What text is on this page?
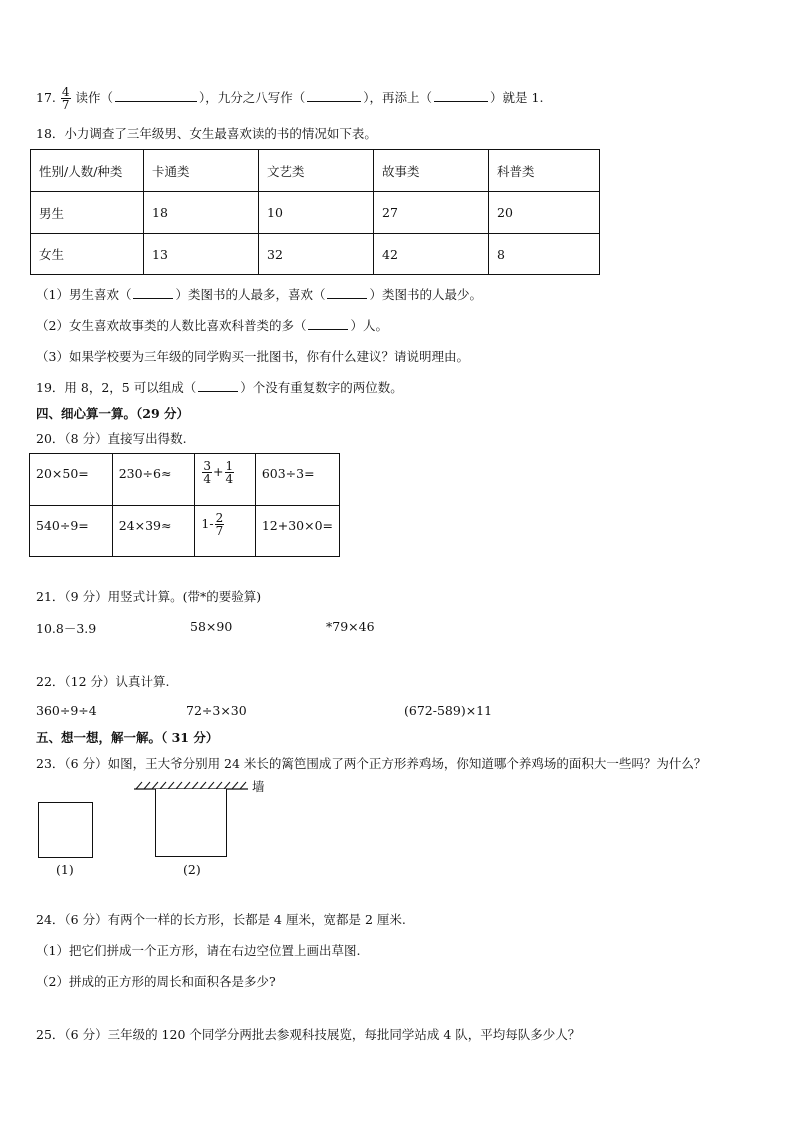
17. $\frac{4}{7}$ 读作（	），九分之八写作（	），再添上（	）就是 1.
18．小力调查了三年级男、女生最喜欢读的书的情况如下表。
性别/人数/种类	卡通类	文艺类	故事类	科普类
男生	18	10	27	20
女生	13	32	42	8
（1）男生喜欢（	）类图书的人最多，喜欢（	）类图书的人最少。
（2）女生喜欢故事类的人数比喜欢科普类的多（	）人。
（3）如果学校要为三年级的同学购买一批图书，你有什么建议？请说明理由。
19．用 8，2，5 可以组成（	）个没有重复数字的两位数。
四、细心算一算。（29 分）
20．（8 分）直接写出得数.
20×50=	230÷6≈	$\frac{3}{4} + \frac{1}{4}$	603÷3=
540÷9=	24×39≈	$1- \frac{2}{7}$	12+30×0=
21．（9 分）用竖式计算。(带*的要验算)
10.8－3.9	58×90	*79×46
22．（12 分）认真计算.
360÷9÷4	72÷3×30	(672-589)×11
五、想一想，解一解。（ 31 分）
23．（6 分）如图，王大爷分别用 24 米长的篱笆围成了两个正方形养鸡场，你知道哪个养鸡场的面积大一些吗？为什么？
(1)
墙
(2)
24．（6 分）有两个一样的长方形，长都是 4 厘米，宽都是 2 厘米.
（1）把它们拼成一个正方形，请在右边空位置上画出草图.
（2）拼成的正方形的周长和面积各是多少?
25．（6 分）三年级的 120 个同学分两批去参观科技展览，每批同学站成 4 队，平均每队多少人？
